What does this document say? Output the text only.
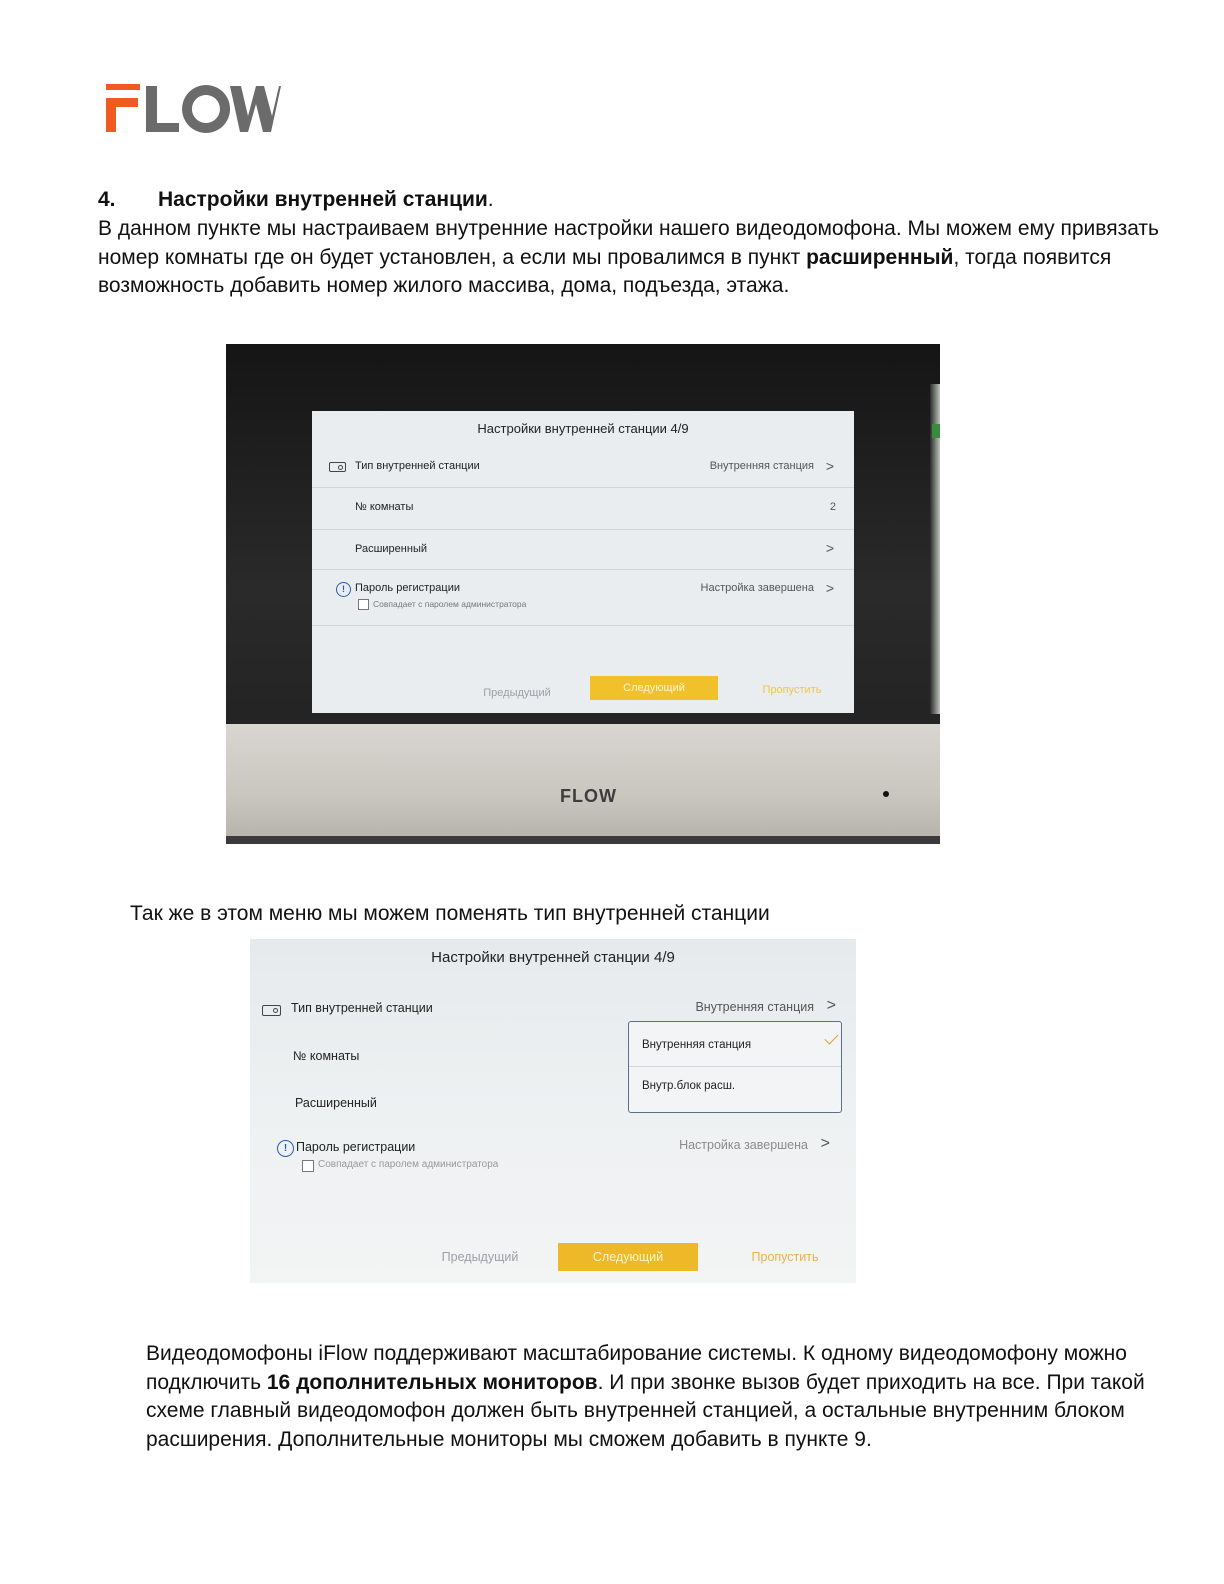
4. Настройки внутренней станции.
В данном пункте мы настраиваем внутренние настройки нашего видеодомофона. Мы можем ему привязать номер комнаты где он будет установлен, а если мы провалимся в пункт расширенный, тогда появится возможность добавить номер жилого массива, дома, подъезда, этажа.
FLOW
Настройки внутренней станции 4/9
Тип внутренней станции	Внутренняя станция >
№ комнаты	2
Расширенный	>
! Пароль регистрации	Настройка завершена >
Совпадает с паролем администратора
Предыдущий	Следующий	Пропустить
Так же в этом меню мы можем поменять тип внутренней станции
Настройки внутренней станции 4/9
Тип внутренней станции	Внутренняя станция >
№ комнаты
Расширенный
! Пароль регистрации	Настройка завершена >
Совпадает с паролем администратора
Внутренняя станция
Внутр.блок расш.
Предыдущий	Следующий	Пропустить
Видеодомофоны iFlow поддерживают масштабирование системы. К одному видеодомофону можно подключить 16 дополнительных мониторов. И при звонке вызов будет приходить на все. При такой схеме главный видеодомофон должен быть внутренней станцией, а остальные внутренним блоком расширения. Дополнительные мониторы мы сможем добавить в пункте 9.
